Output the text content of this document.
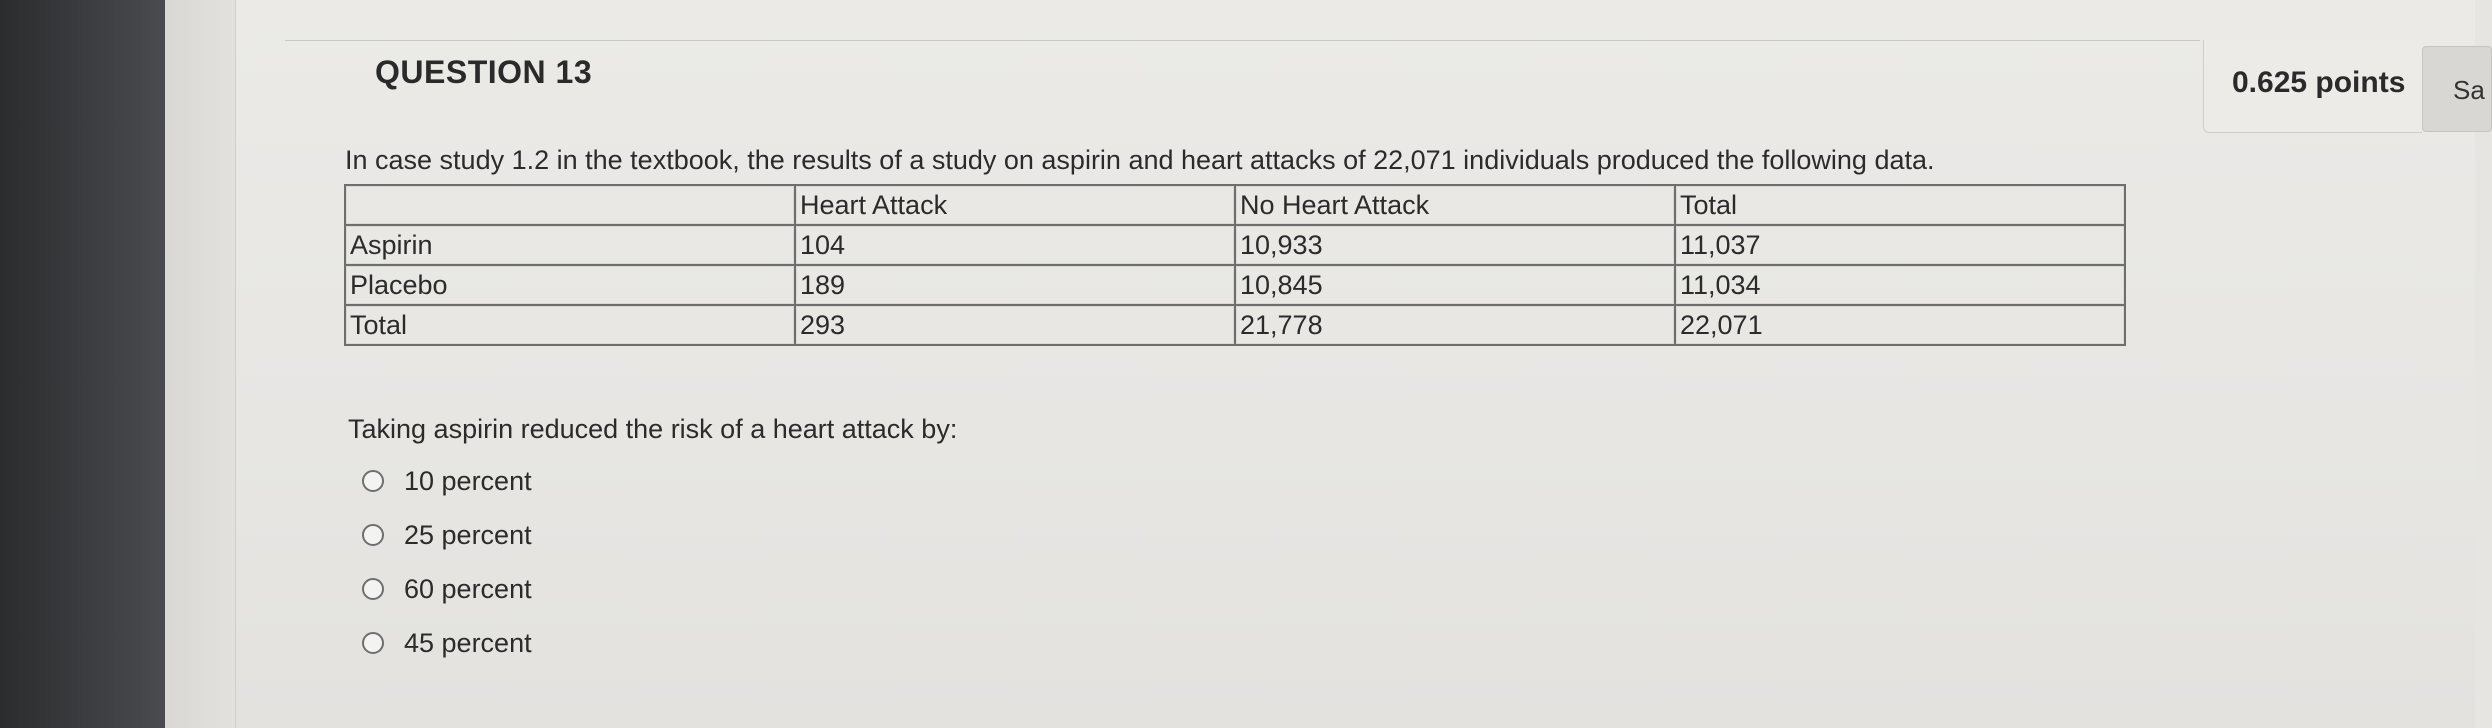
QUESTION 13	0.625 points	Sa
In case study 1.2 in the textbook, the results of a study on aspirin and heart attacks of 22,071 individuals produced the following data.
	Heart Attack	No Heart Attack	Total
Aspirin	104	10,933	11,037
Placebo	189	10,845	11,034
Total	293	21,778	22,071
Taking aspirin reduced the risk of a heart attack by:
10 percent
25 percent
60 percent
45 percent
